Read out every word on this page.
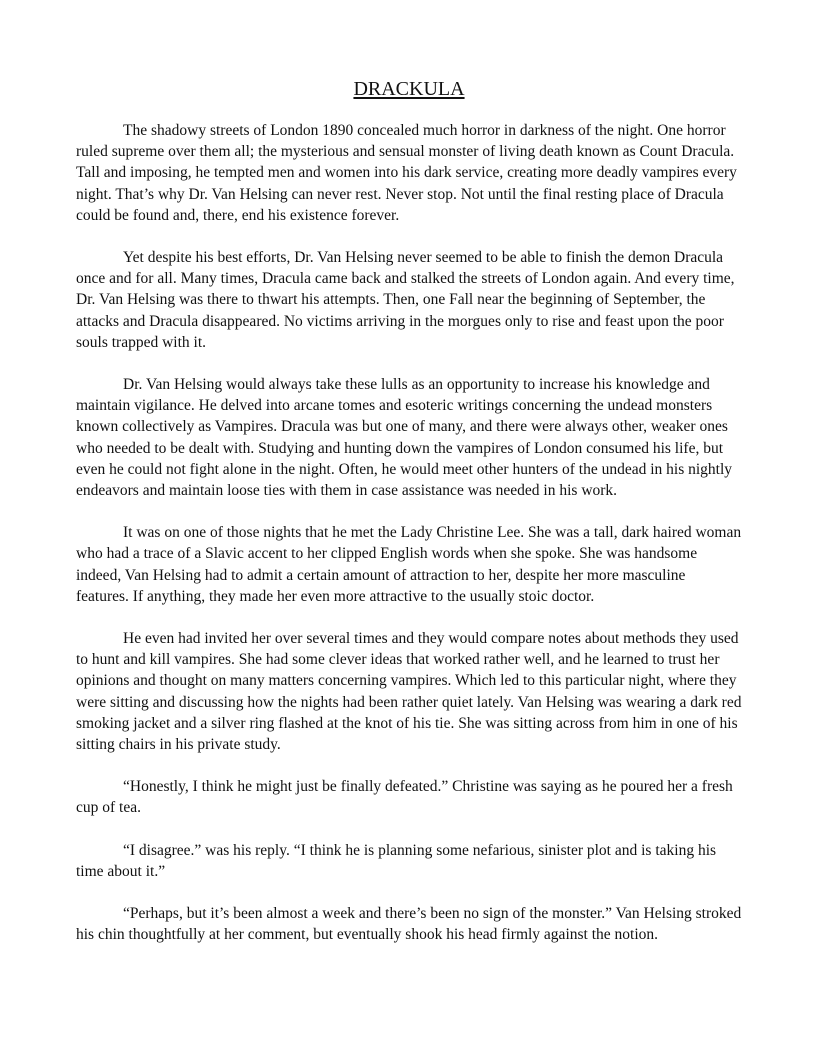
DRACKULA

The shadowy streets of London 1890 concealed much horror in darkness of the night. One horror ruled supreme over them all; the mysterious and sensual monster of living death known as Count Dracula. Tall and imposing, he tempted men and women into his dark service, creating more deadly vampires every night. That’s why Dr. Van Helsing can never rest. Never stop. Not until the final resting place of Dracula could be found and, there, end his existence forever.

Yet despite his best efforts, Dr. Van Helsing never seemed to be able to finish the demon Dracula once and for all. Many times, Dracula came back and stalked the streets of London again. And every time, Dr. Van Helsing was there to thwart his attempts. Then, one Fall near the beginning of September, the attacks and Dracula disappeared. No victims arriving in the morgues only to rise and feast upon the poor souls trapped with it.

Dr. Van Helsing would always take these lulls as an opportunity to increase his knowledge and maintain vigilance. He delved into arcane tomes and esoteric writings concerning the undead monsters known collectively as Vampires. Dracula was but one of many, and there were always other, weaker ones who needed to be dealt with. Studying and hunting down the vampires of London consumed his life, but even he could not fight alone in the night. Often, he would meet other hunters of the undead in his nightly endeavors and maintain loose ties with them in case assistance was needed in his work.

It was on one of those nights that he met the Lady Christine Lee. She was a tall, dark haired woman who had a trace of a Slavic accent to her clipped English words when she spoke. She was handsome indeed, Van Helsing had to admit a certain amount of attraction to her, despite her more masculine features. If anything, they made her even more attractive to the usually stoic doctor.

He even had invited her over several times and they would compare notes about methods they used to hunt and kill vampires. She had some clever ideas that worked rather well, and he learned to trust her opinions and thought on many matters concerning vampires. Which led to this particular night, where they were sitting and discussing how the nights had been rather quiet lately. Van Helsing was wearing a dark red smoking jacket and a silver ring flashed at the knot of his tie. She was sitting across from him in one of his sitting chairs in his private study.

“Honestly, I think he might just be finally defeated.” Christine was saying as he poured her a fresh cup of tea.

“I disagree.” was his reply. “I think he is planning some nefarious, sinister plot and is taking his time about it.”

“Perhaps, but it’s been almost a week and there’s been no sign of the monster.” Van Helsing stroked his chin thoughtfully at her comment, but eventually shook his head firmly against the notion.
